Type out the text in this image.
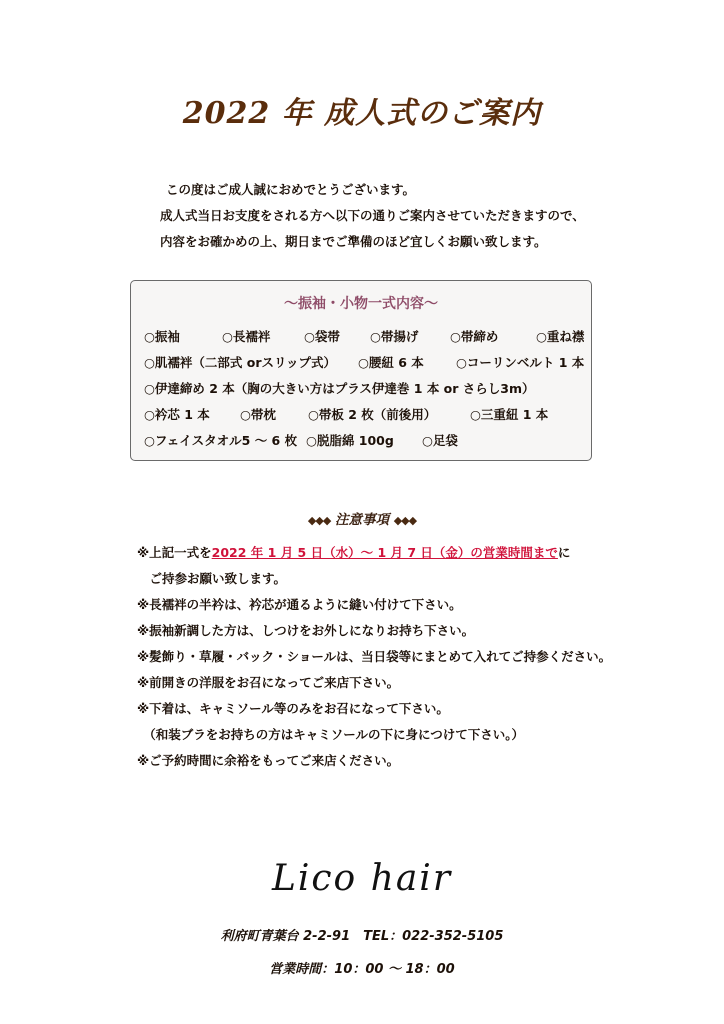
2022 年 成人式のご案内
この度はご成人誠におめでとうございます。
成人式当日お支度をされる方へ以下の通りご案内させていただきますので、
内容をお確かめの上、期日までご準備のほど宜しくお願い致します。
～振袖・小物一式内容～
○振袖	○長襦袢	○袋帯 ○帯揚げ	○帯締め	○重ね襟
○肌襦袢（二部式 orスリップ式） ○腰紐 6 本	○コーリンベルト 1 本
○伊達締め 2 本（胸の大きい方はプラス伊達巻 1 本 or さらし3m）
○衿芯 1 本 ○帯枕	○帯板 2 枚（前後用）	○三重紐 1 本
○フェイスタオル5 ～ 6 枚 ○脱脂綿 100g ○足袋
◆◆◆ 注意事項 ◆◆◆
※上記一式を2022 年 1 月 5 日（水）～ 1 月 7 日（金）の営業時間までに
　ご持参お願い致します。
※長襦袢の半衿は、衿芯が通るように縫い付けて下さい。
※振袖新調した方は、しつけをお外しになりお持ち下さい。
※髪飾り・草履・バック・ショールは、当日袋等にまとめて入れてご持参ください。
※前開きの洋服をお召になってご来店下さい。
※下着は、キャミソール等のみをお召になって下さい。
　（和装ブラをお持ちの方はキャミソールの下に身につけて下さい。）
※ご予約時間に余裕をもってご来店ください。
Lico hair
利府町青葉台 2-2-91　TEL：022-352-5105
営業時間：10：00 ～ 18：00
